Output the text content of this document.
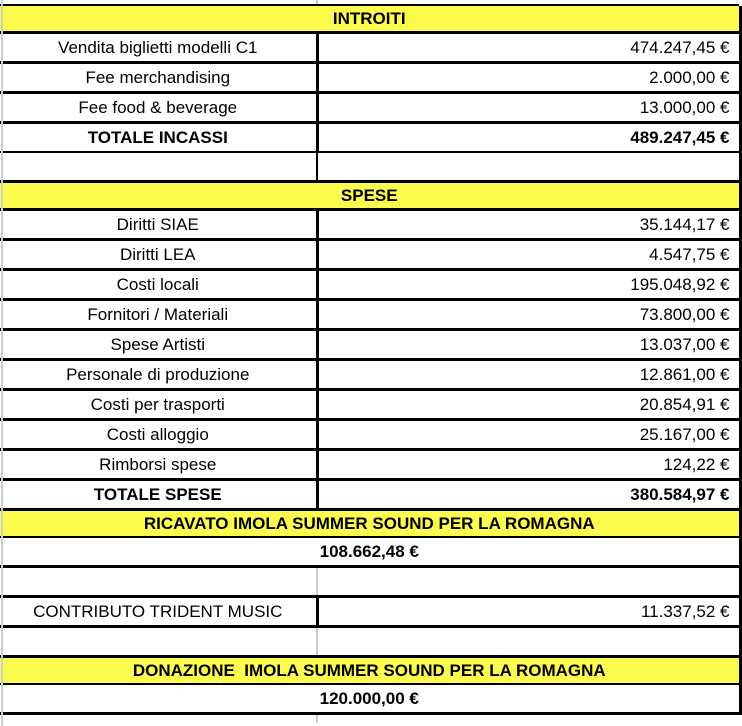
INTROITI	
Vendita biglietti modelli C1	474.247,45 €
Fee merchandising	2.000,00 €
Fee food & beverage	13.000,00 €
TOTALE INCASSI	489.247,45 €

SPESE	
Diritti SIAE	35.144,17 €
Diritti LEA	4.547,75 €
Costi locali	195.048,92 €
Fornitori / Materiali	73.800,00 €
Spese Artisti	13.037,00 €
Personale di produzione	12.861,00 €
Costi per trasporti	20.854,91 €
Costi alloggio	25.167,00 €
Rimborsi spese	124,22 €
TOTALE SPESE	380.584,97 €
RICAVATO IMOLA SUMMER SOUND PER LA ROMAGNA	
108.662,48 €	

CONTRIBUTO TRIDENT MUSIC	11.337,52 €

DONAZIONE  IMOLA SUMMER SOUND PER LA ROMAGNA	
120.000,00 €	
